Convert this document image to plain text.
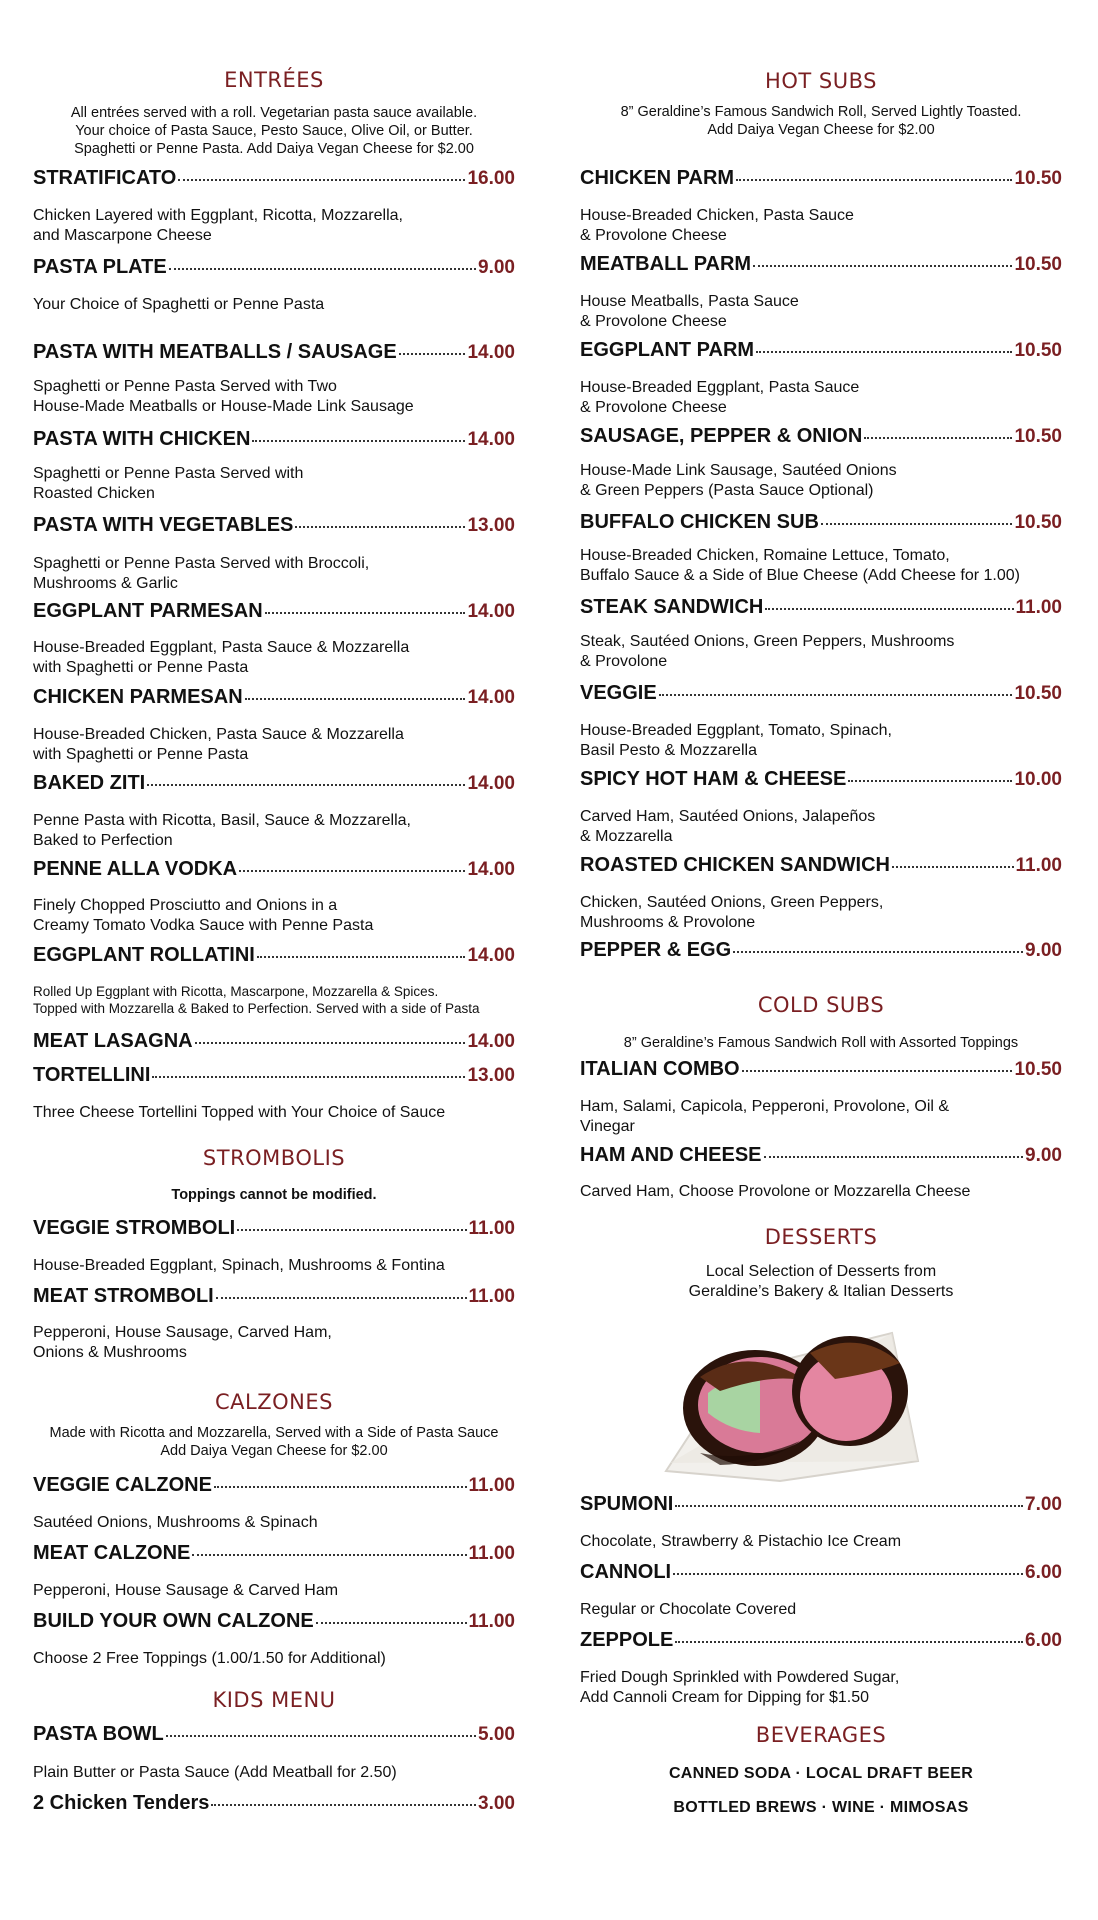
ENTRÉES
All entrées served with a roll. Vegetarian pasta sauce available.
Your choice of Pasta Sauce, Pesto Sauce, Olive Oil, or Butter.
Spaghetti or Penne Pasta. Add Daiya Vegan Cheese for $2.00
STRATIFICATO	16.00
Chicken Layered with Eggplant, Ricotta, Mozzarella,
and Mascarpone Cheese
PASTA PLATE	9.00
Your Choice of Spaghetti or Penne Pasta
PASTA WITH MEATBALLS / SAUSAGE	14.00
Spaghetti or Penne Pasta Served with Two
House-Made Meatballs or House-Made Link Sausage
PASTA WITH CHICKEN	14.00
Spaghetti or Penne Pasta Served with
Roasted Chicken
PASTA WITH VEGETABLES	13.00
Spaghetti or Penne Pasta Served with Broccoli,
Mushrooms & Garlic
EGGPLANT PARMESAN	14.00
House-Breaded Eggplant, Pasta Sauce & Mozzarella
with Spaghetti or Penne Pasta
CHICKEN PARMESAN	14.00
House-Breaded Chicken, Pasta Sauce & Mozzarella
with Spaghetti or Penne Pasta
BAKED ZITI	14.00
Penne Pasta with Ricotta, Basil, Sauce & Mozzarella,
Baked to Perfection
PENNE ALLA VODKA	14.00
Finely Chopped Prosciutto and Onions in a
Creamy Tomato Vodka Sauce with Penne Pasta
EGGPLANT ROLLATINI	14.00
Rolled Up Eggplant with Ricotta, Mascarpone, Mozzarella & Spices.
Topped with Mozzarella & Baked to Perfection. Served with a side of Pasta
MEAT LASAGNA	14.00
TORTELLINI	13.00
Three Cheese Tortellini Topped with Your Choice of Sauce
STROMBOLIS
Toppings cannot be modified.
VEGGIE STROMBOLI	11.00
House-Breaded Eggplant, Spinach, Mushrooms & Fontina
MEAT STROMBOLI	11.00
Pepperoni, House Sausage, Carved Ham,
Onions & Mushrooms
CALZONES
Made with Ricotta and Mozzarella, Served with a Side of Pasta Sauce
Add Daiya Vegan Cheese for $2.00
VEGGIE CALZONE	11.00
Sautéed Onions, Mushrooms & Spinach
MEAT CALZONE	11.00
Pepperoni, House Sausage & Carved Ham
BUILD YOUR OWN CALZONE	11.00
Choose 2 Free Toppings (1.00/1.50 for Additional)
KIDS MENU
PASTA BOWL	5.00
Plain Butter or Pasta Sauce (Add Meatball for 2.50)
2 Chicken Tenders	3.00
HOT SUBS
8” Geraldine’s Famous Sandwich Roll, Served Lightly Toasted.
Add Daiya Vegan Cheese for $2.00
CHICKEN PARM	10.50
House-Breaded Chicken, Pasta Sauce
& Provolone Cheese
MEATBALL PARM	10.50
House Meatballs, Pasta Sauce
& Provolone Cheese
EGGPLANT PARM	10.50
House-Breaded Eggplant, Pasta Sauce
& Provolone Cheese
SAUSAGE, PEPPER & ONION	10.50
House-Made Link Sausage, Sautéed Onions
& Green Peppers (Pasta Sauce Optional)
BUFFALO CHICKEN SUB	10.50
House-Breaded Chicken, Romaine Lettuce, Tomato,
Buffalo Sauce & a Side of Blue Cheese (Add Cheese for 1.00)
STEAK SANDWICH	11.00
Steak, Sautéed Onions, Green Peppers, Mushrooms
& Provolone
VEGGIE	10.50
House-Breaded Eggplant, Tomato, Spinach,
Basil Pesto & Mozzarella
SPICY HOT HAM & CHEESE	10.00
Carved Ham, Sautéed Onions, Jalapeños
& Mozzarella
ROASTED CHICKEN SANDWICH	11.00
Chicken, Sautéed Onions, Green Peppers,
Mushrooms & Provolone
PEPPER & EGG	9.00
COLD SUBS
8” Geraldine’s Famous Sandwich Roll with Assorted Toppings
ITALIAN COMBO	10.50
Ham, Salami, Capicola, Pepperoni, Provolone, Oil &
Vinegar
HAM AND CHEESE	9.00
Carved Ham, Choose Provolone or Mozzarella Cheese
DESSERTS
Local Selection of Desserts from
Geraldine’s Bakery & Italian Desserts
SPUMONI	7.00
Chocolate, Strawberry & Pistachio Ice Cream
CANNOLI	6.00
Regular or Chocolate Covered
ZEPPOLE	6.00
Fried Dough Sprinkled with Powdered Sugar,
Add Cannoli Cream for Dipping for $1.50
BEVERAGES
CANNED SODA · LOCAL DRAFT BEER
BOTTLED BREWS · WINE · MIMOSAS
